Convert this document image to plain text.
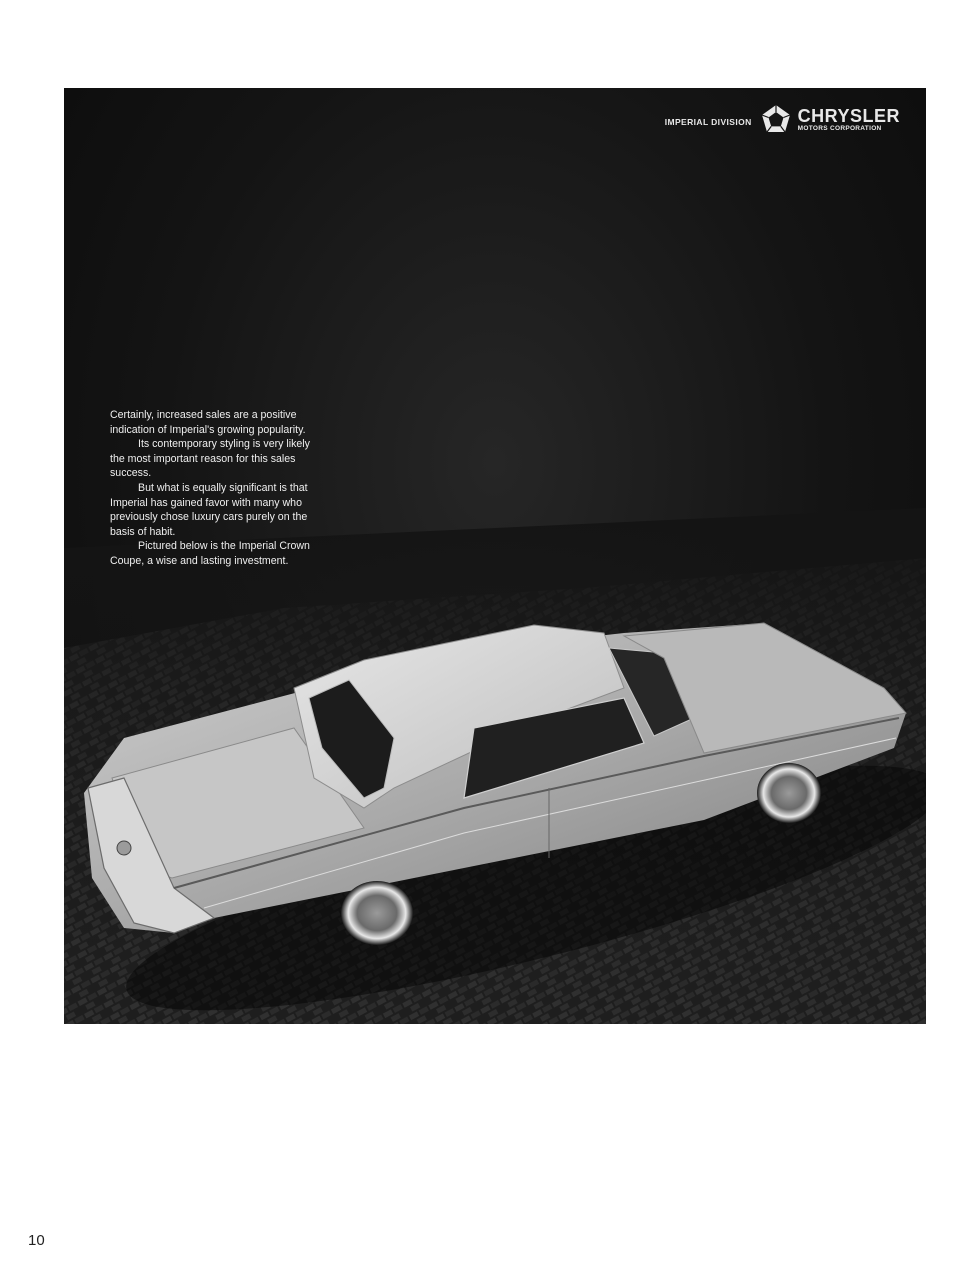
IMPERIAL DIVISION	CHRYSLER
MOTORS CORPORATION

Certainly, increased sales are a positive indication of Imperial's growing popularity.

Its contemporary styling is very likely the most important reason for this sales success.

But what is equally significant is that Imperial has gained favor with many who previously chose luxury cars purely on the basis of habit.

Pictured below is the Imperial Crown Coupe, a wise and lasting investment.

10
